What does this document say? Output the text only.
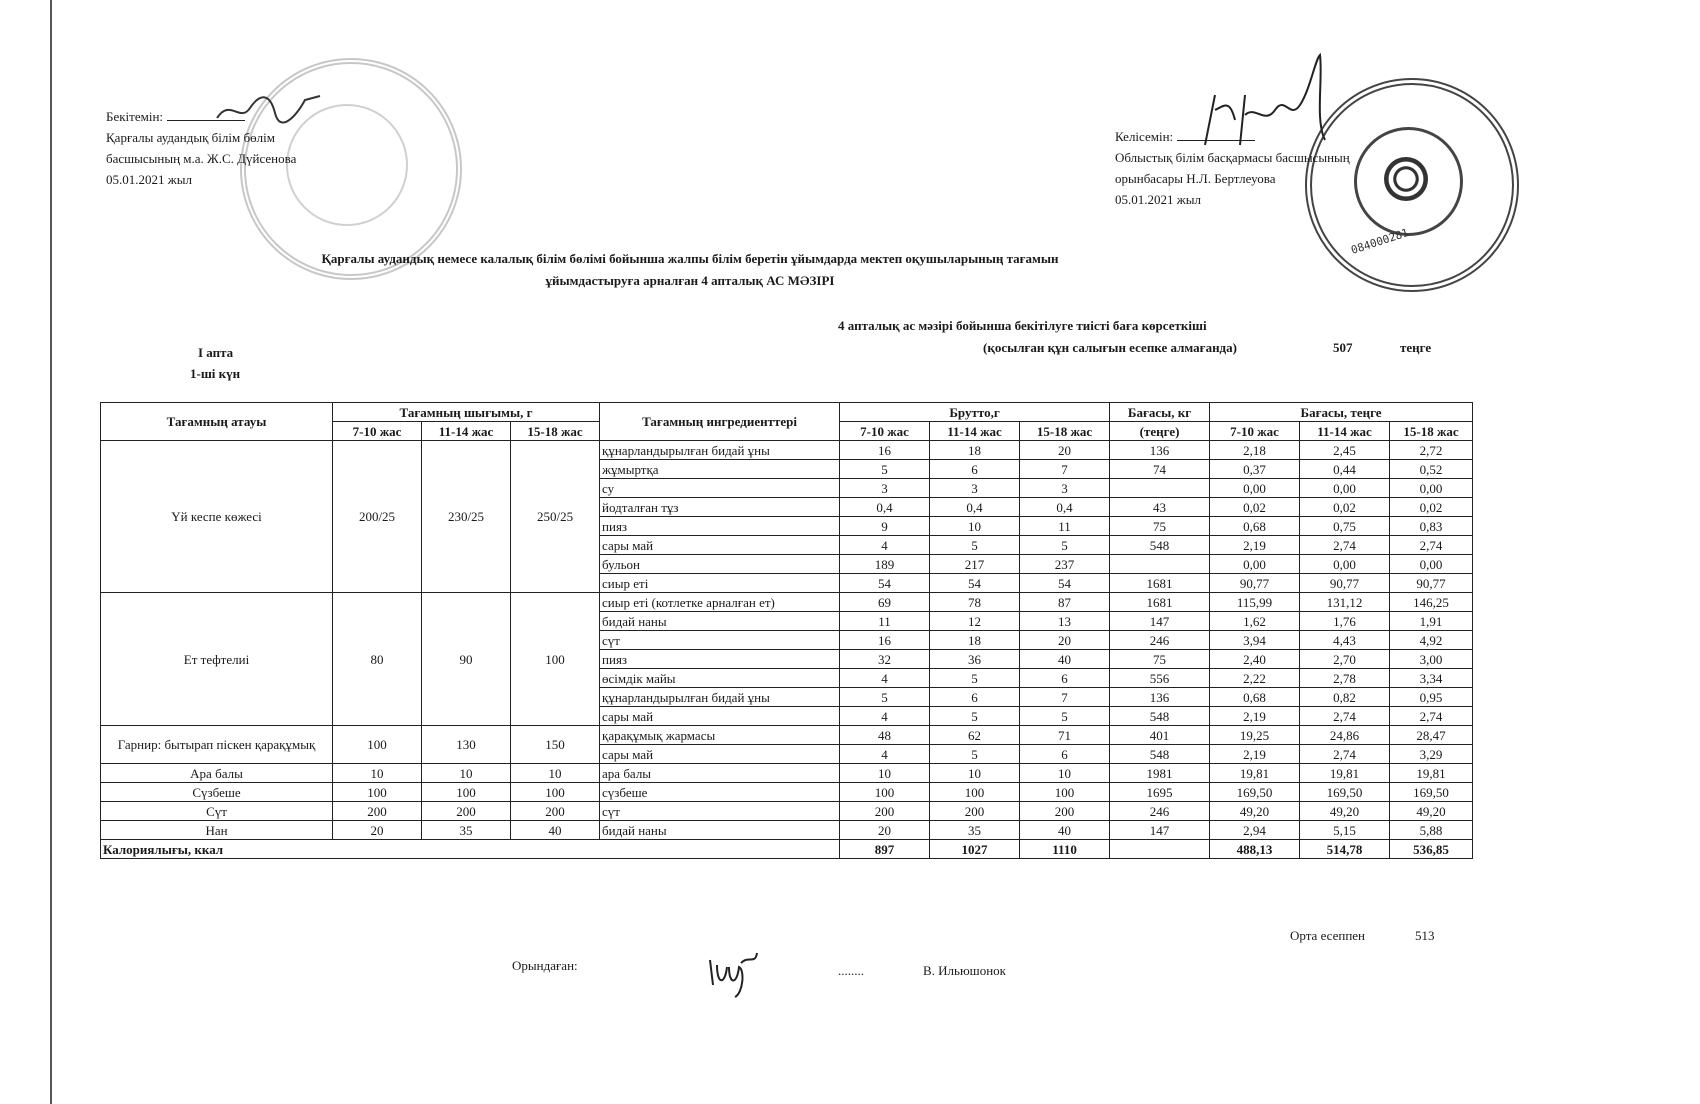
084000281
Бекітемін:
Қарғалы аудандық білім бөлім
басшысының м.а. Ж.С. Дүйсенова
05.01.2021 жыл
Келісемін:
Облыстық білім басқармасы басшысының
орынбасары Н.Л. Бертлеуова
05.01.2021 жыл
Қарғалы аудандық немесе калалық білім бөлімі бойынша жалпы білім беретін ұйымдарда мектеп оқушыларының тағамын
ұйымдастыруға арналған 4 апталық АС МӘЗІРІ
4 апталық ас мәзірі бойынша бекітілуге тиісті баға көрсеткіші
(қосылған құн салығын есепке алмағанда)	507	теңге
I апта
1-ші күн
Тағамның атауы	Тағамның шығымы, г			Тағамның ингредиенттері	Брутто,г			Бағасы, кг	Бағасы, теңге		
	7-10 жас	11-14 жас	15-18 жас		7-10 жас	11-14 жас	15-18 жас	(теңге)	7-10 жас	11-14 жас	15-18 жас
Үй кеспе көжесі	200/25	230/25	250/25	құнарландырылған бидай ұны	16	18	20	136	2,18	2,45	2,72
				жұмыртқа	5	6	7	74	0,37	0,44	0,52
				су	3	3	3		0,00	0,00	0,00
				йодталған тұз	0,4	0,4	0,4	43	0,02	0,02	0,02
				пияз	9	10	11	75	0,68	0,75	0,83
				сары май	4	5	5	548	2,19	2,74	2,74
				бульон	189	217	237		0,00	0,00	0,00
				сиыр еті	54	54	54	1681	90,77	90,77	90,77
Ет тефтелиі	80	90	100	сиыр еті (котлетке арналған ет)	69	78	87	1681	115,99	131,12	146,25
				бидай наны	11	12	13	147	1,62	1,76	1,91
				сүт	16	18	20	246	3,94	4,43	4,92
				пияз	32	36	40	75	2,40	2,70	3,00
				өсімдік майы	4	5	6	556	2,22	2,78	3,34
				құнарландырылған бидай ұны	5	6	7	136	0,68	0,82	0,95
				сары май	4	5	5	548	2,19	2,74	2,74
Гарнир: бытырап піскен қарақұмық	100	130	150	қарақұмық жармасы	48	62	71	401	19,25	24,86	28,47
				сары май	4	5	6	548	2,19	2,74	3,29
Ара балы	10	10	10	ара балы	10	10	10	1981	19,81	19,81	19,81
Сүзбеше	100	100	100	сүзбеше	100	100	100	1695	169,50	169,50	169,50
Сүт	200	200	200	сүт	200	200	200	246	49,20	49,20	49,20
Нан	20	35	40	бидай наны	20	35	40	147	2,94	5,15	5,88
Калориялығы, ккал					897	1027	1110		488,13	514,78	536,85
Орта есеппен	513
Орындаған:	........	В. Ильюшонок
